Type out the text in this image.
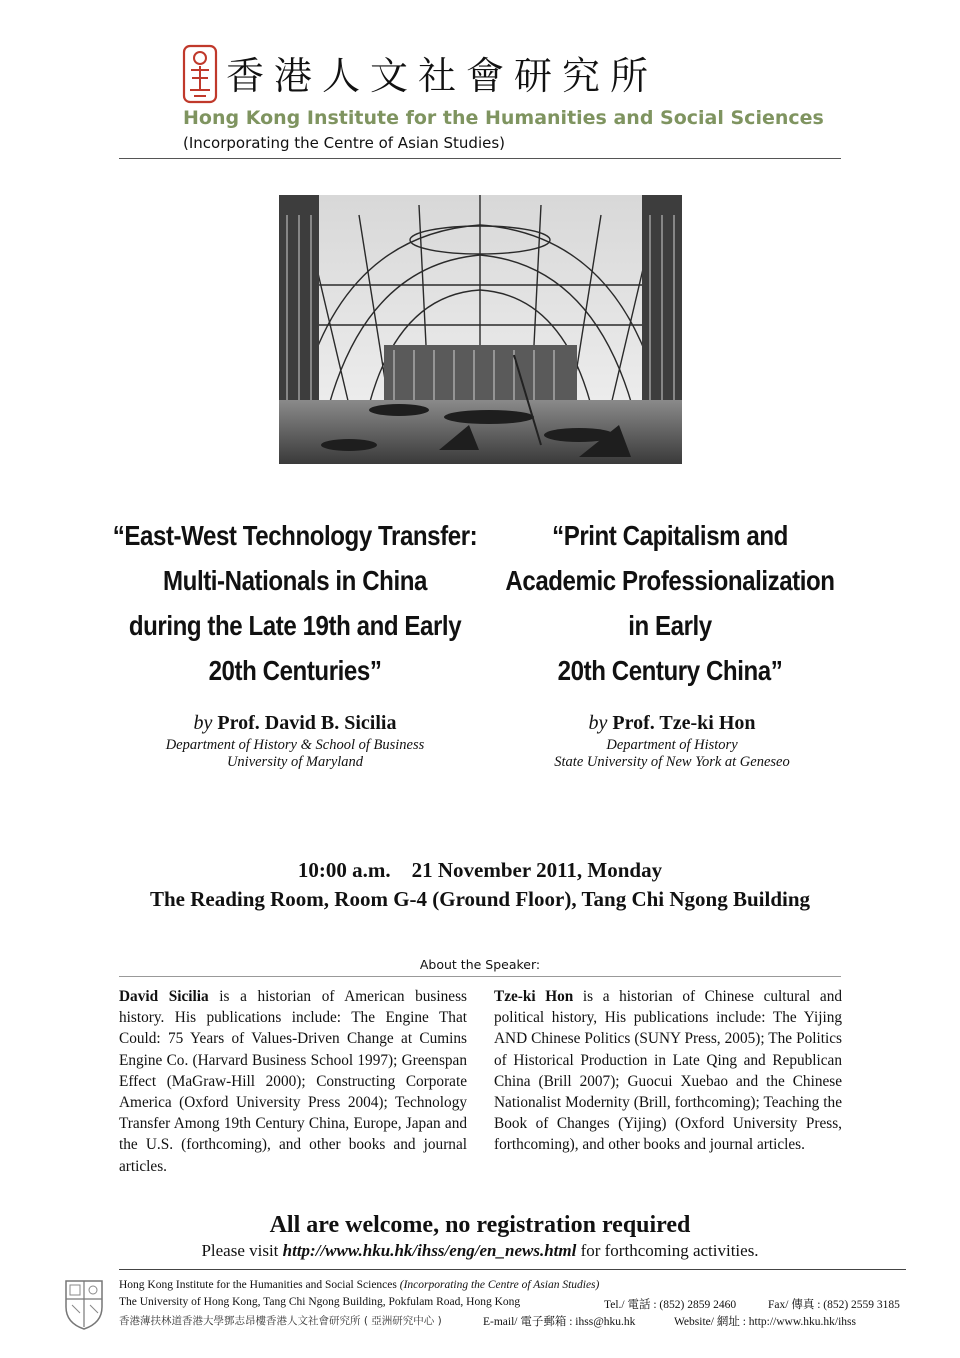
香港人文社會研究所
Hong Kong Institute for the Humanities and Social Sciences
(Incorporating the Centre of Asian Studies)
“East-West Technology Transfer:
Multi-Nationals in China
during the Late 19th and Early
20th Centuries”
by Prof. David B. Sicilia
Department of History & School of Business
University of Maryland
“Print Capitalism and
Academic Professionalization
in Early
20th Century China”
by Prof. Tze-ki Hon
Department of History
State University of New York at Geneseo
10:00 a.m.    21 November 2011, Monday
The Reading Room, Room G-4 (Ground Floor), Tang Chi Ngong Building
About the Speaker:
David Sicilia is a historian of American business history. His publications include: The Engine That Could: 75 Years of Values-Driven Change at Cumins Engine Co. (Harvard Business School 1997); Greenspan Effect (MaGraw-Hill 2000); Constructing Corporate America (Oxford University Press 2004); Technology Transfer Among 19th Century China, Europe, Japan and the U.S. (forthcoming), and other books and journal articles.
Tze-ki Hon is a historian of Chinese cultural and political history, His publications include: The Yijing AND Chinese Politics (SUNY Press, 2005); The Politics of Historical Production in Late Qing and Republican China (Brill 2007); Guocui Xuebao and the Chinese Nationalist Modernity (Brill, forthcoming); Teaching the Book of Changes (Yijing) (Oxford University Press, forthcoming), and other books and journal articles.
All are welcome, no registration required
Please visit http://www.hku.hk/ihss/eng/en_news.html for forthcoming activities.
Hong Kong Institute for the Humanities and Social Sciences (Incorporating the Centre of Asian Studies)
The University of Hong Kong, Tang Chi Ngong Building, Pokfulam Road, Hong Kong	Tel./ 電話 : (852) 2859 2460	Fax/ 傳真 : (852) 2559 3185
香港薄扶林道香港大學鄧志昂樓香港人文社會研究所 ( 亞洲研究中心 )	E-mail/ 電子郵箱 : ihss@hku.hk	Website/ 網址 : http://www.hku.hk/ihss
